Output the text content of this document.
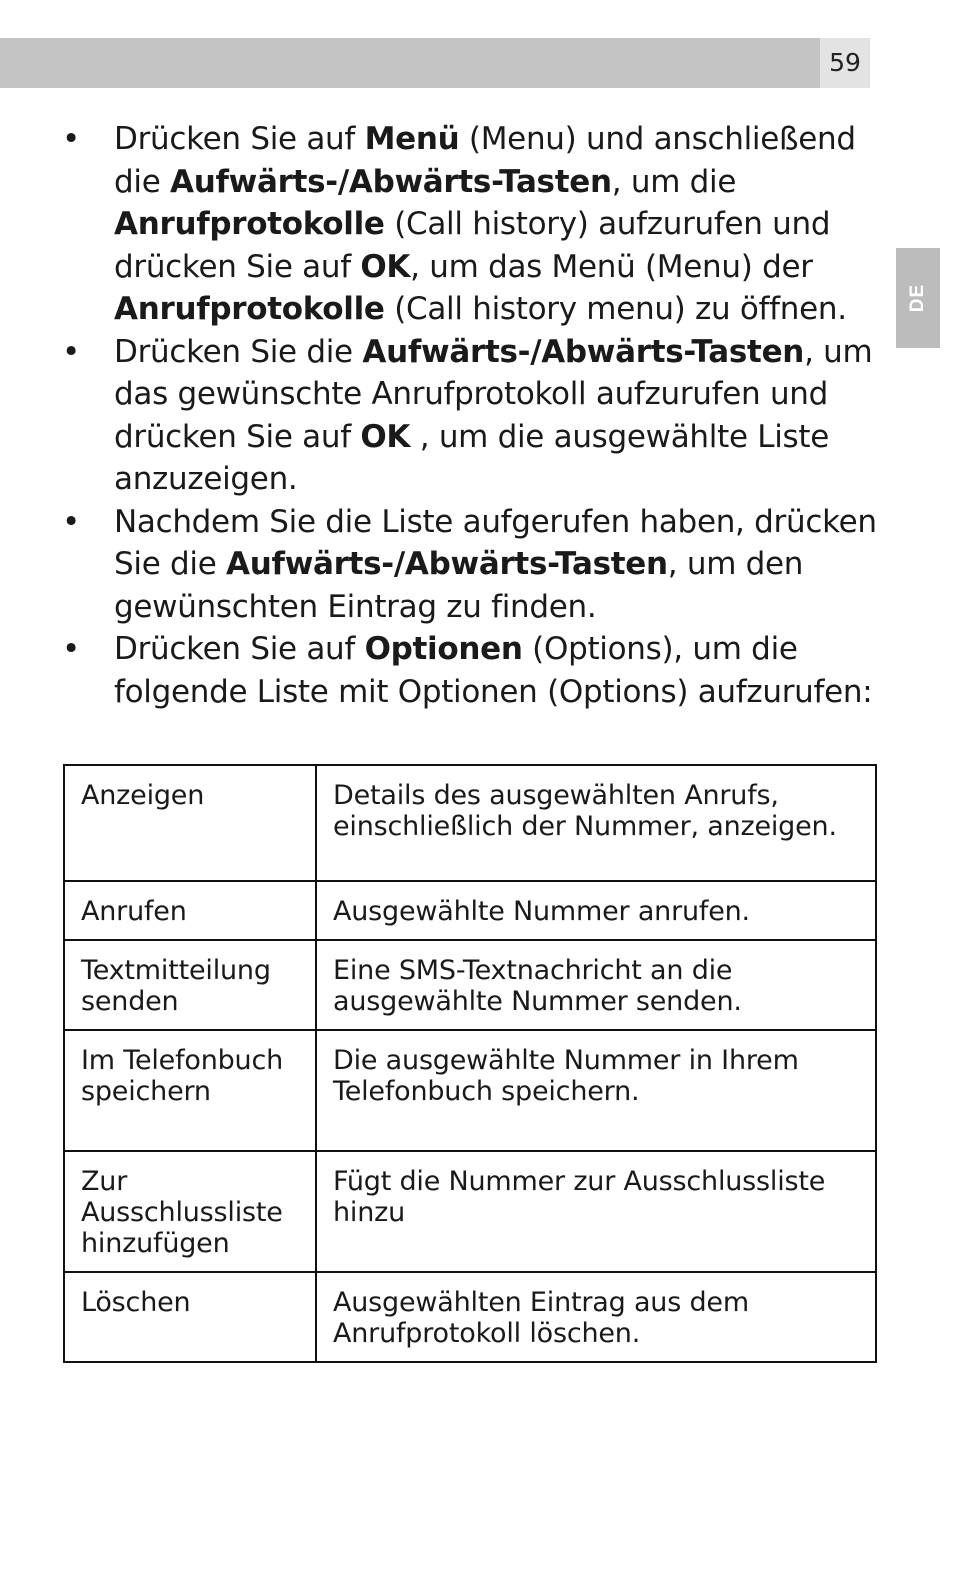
59
DE
• Drücken Sie auf Menü (Menu) und anschließend die Aufwärts-/Abwärts-Tasten, um die Anrufprotokolle (Call history) aufzurufen und drücken Sie auf OK, um das Menü (Menu) der Anrufprotokolle (Call history menu) zu öffnen.
• Drücken Sie die Aufwärts-/Abwärts-Tasten, um das gewünschte Anrufprotokoll aufzurufen und drücken Sie auf OK , um die ausgewählte Liste anzuzeigen.
• Nachdem Sie die Liste aufgerufen haben, drücken Sie die Aufwärts-/Abwärts-Tasten, um den gewünschten Eintrag zu finden.
• Drücken Sie auf Optionen (Options), um die folgende Liste mit Optionen (Options) aufzurufen:
Anzeigen	Details des ausgewählten Anrufs, einschließlich der Nummer, anzeigen.
Anrufen	Ausgewählte Nummer anrufen.
Textmitteilung senden	Eine SMS-Textnachricht an die ausgewählte Nummer senden.
Im Telefonbuch speichern	Die ausgewählte Nummer in Ihrem Telefonbuch speichern.
Zur Ausschlussliste hinzufügen	Fügt die Nummer zur Ausschlussliste hinzu
Löschen	Ausgewählten Eintrag aus dem Anrufprotokoll löschen.
